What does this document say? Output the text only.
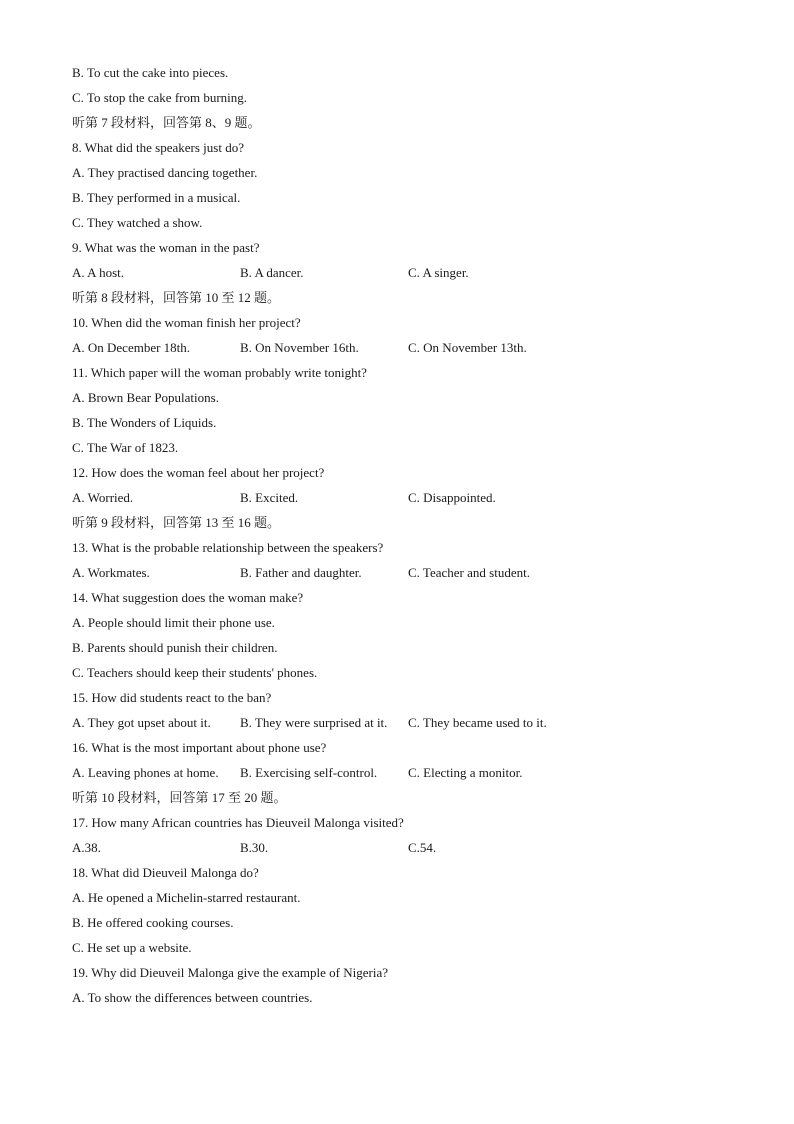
B. To cut the cake into pieces.
C. To stop the cake from burning.
听第 7 段材料，回答第 8、9 题。
8. What did the speakers just do?
A. They practised dancing together.
B. They performed in a musical.
C. They watched a show.
9. What was the woman in the past?
A. A host.	B. A dancer.	C. A singer.
听第 8 段材料，回答第 10 至 12 题。
10. When did the woman finish her project?
A. On December 18th.	B. On November 16th.	C. On November 13th.
11. Which paper will the woman probably write tonight?
A. Brown Bear Populations.
B. The Wonders of Liquids.
C. The War of 1823.
12. How does the woman feel about her project?
A. Worried.	B. Excited.	C. Disappointed.
听第 9 段材料，回答第 13 至 16 题。
13. What is the probable relationship between the speakers?
A. Workmates.	B. Father and daughter.	C. Teacher and student.
14. What suggestion does the woman make?
A. People should limit their phone use.
B. Parents should punish their children.
C. Teachers should keep their students' phones.
15. How did students react to the ban?
A. They got upset about it.	B. They were surprised at it.	C. They became used to it.
16. What is the most important about phone use?
A. Leaving phones at home.	B. Exercising self-control.	C. Electing a monitor.
听第 10 段材料，回答第 17 至 20 题。
17. How many African countries has Dieuveil Malonga visited?
A.38.	B.30.	C.54.
18. What did Dieuveil Malonga do?
A. He opened a Michelin-starred restaurant.
B. He offered cooking courses.
C. He set up a website.
19. Why did Dieuveil Malonga give the example of Nigeria?
A. To show the differences between countries.
